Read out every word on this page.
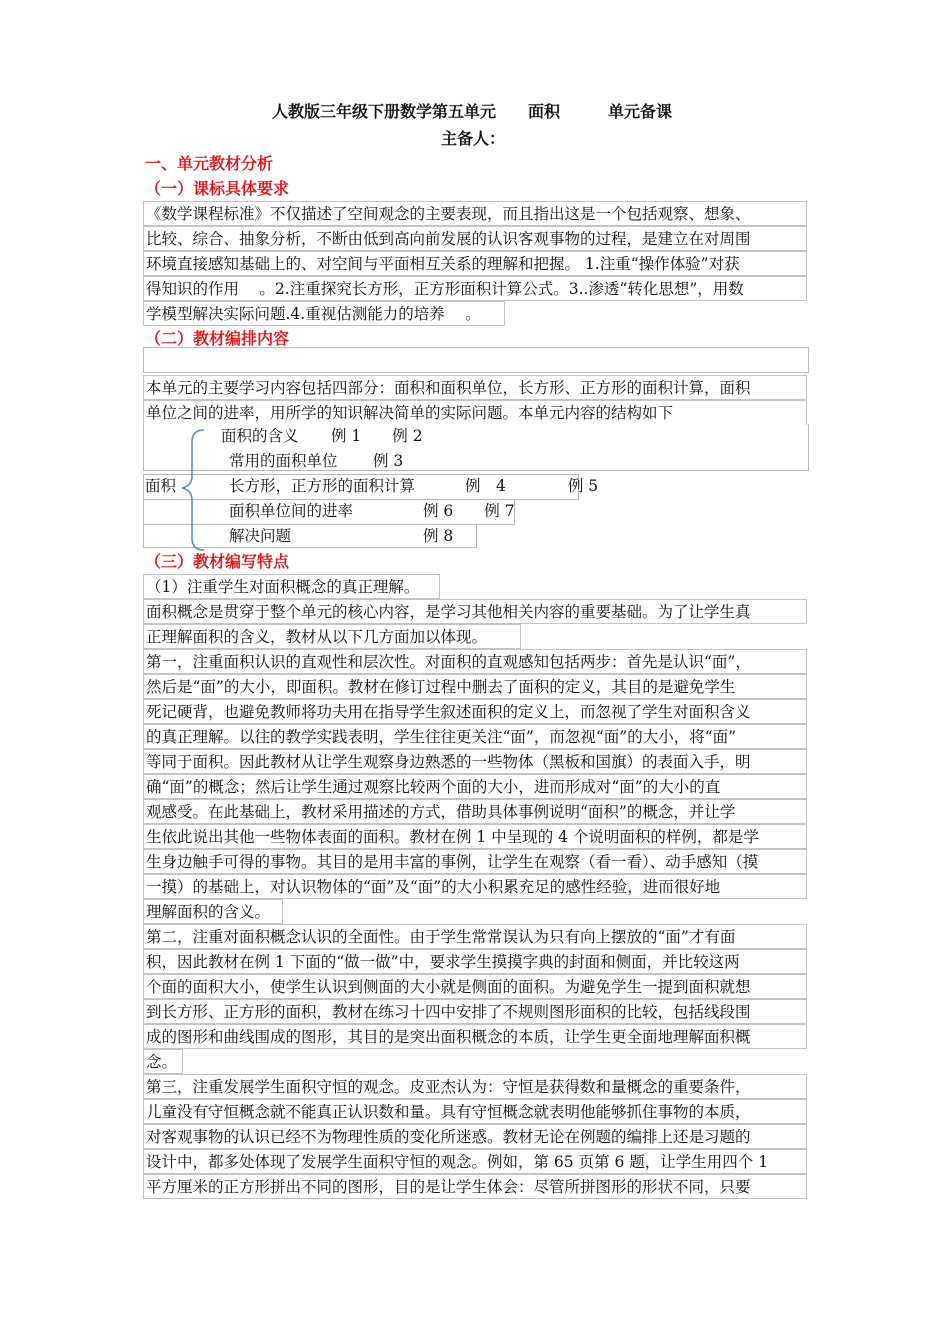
人教版三年级下册数学第五单元　　面积　　　单元备课
主备人：
一、单元教材分析
（一）课标具体要求
《数学课程标准》不仅描述了空间观念的主要表现，而且指出这是一个包括观察、想象、
比较、综合、抽象分析，不断由低到高向前发展的认识客观事物的过程，是建立在对周围
环境直接感知基础上的、对空间与平面相互关系的理解和把握。 1.注重“操作体验”对获
得知识的作用　 。2.注重探究长方形，正方形面积计算公式。3..渗透“转化思想”，用数
学模型解决实际问题.4.重视估测能力的培养　 。
（二）教材编排内容
本单元的主要学习内容包括四部分：面积和面积单位，长方形、正方形的面积计算，面积
单位之间的进率，用所学的知识解决简单的实际问题。本单元内容的结构如下
面积
面积的含义 例 1　　例 2
常用的面积单位 例 3
长方形，正方形的面积计算	例　4　　　　例 5
面积单位间的进率	例 6　　例 7
解决问题	例 8
（三）教材编写特点
（1）注重学生对面积概念的真正理解。
面积概念是贯穿于整个单元的核心内容，是学习其他相关内容的重要基础。为了让学生真
正理解面积的含义，教材从以下几方面加以体现。
第一，注重面积认识的直观性和层次性。对面积的直观感知包括两步：首先是认识“面”，
然后是“面”的大小，即面积。教材在修订过程中删去了面积的定义，其目的是避免学生
死记硬背，也避免教师将功夫用在指导学生叙述面积的定义上，而忽视了学生对面积含义
的真正理解。以往的教学实践表明，学生往往更关注“面”，而忽视“面”的大小，将“面”
等同于面积。因此教材从让学生观察身边熟悉的一些物体（黑板和国旗）的表面入手，明
确“面”的概念；然后让学生通过观察比较两个面的大小，进而形成对“面”的大小的直
观感受。在此基础上，教材采用描述的方式，借助具体事例说明“面积”的概念，并让学
生依此说出其他一些物体表面的面积。教材在例 1 中呈现的 4 个说明面积的样例，都是学
生身边触手可得的事物。其目的是用丰富的事例，让学生在观察（看一看）、动手感知（摸
一摸）的基础上，对认识物体的“面”及“面”的大小积累充足的感性经验，进而很好地
理解面积的含义。
第二，注重对面积概念认识的全面性。由于学生常常误认为只有向上摆放的“面”才有面
积，因此教材在例 1 下面的“做一做”中，要求学生摸摸字典的封面和侧面，并比较这两
个面的面积大小，使学生认识到侧面的大小就是侧面的面积。为避免学生一提到面积就想
到长方形、正方形的面积，教材在练习十四中安排了不规则图形面积的比较，包括线段围
成的图形和曲线围成的图形，其目的是突出面积概念的本质，让学生更全面地理解面积概
念。
第三，注重发展学生面积守恒的观念。皮亚杰认为：守恒是获得数和量概念的重要条件，
儿童没有守恒概念就不能真正认识数和量。具有守恒概念就表明他能够抓住事物的本质，
对客观事物的认识已经不为物理性质的变化所迷惑。教材无论在例题的编排上还是习题的
设计中，都多处体现了发展学生面积守恒的观念。例如，第 65 页第 6 题，让学生用四个 1
平方厘米的正方形拼出不同的图形，目的是让学生体会：尽管所拼图形的形状不同，只要
